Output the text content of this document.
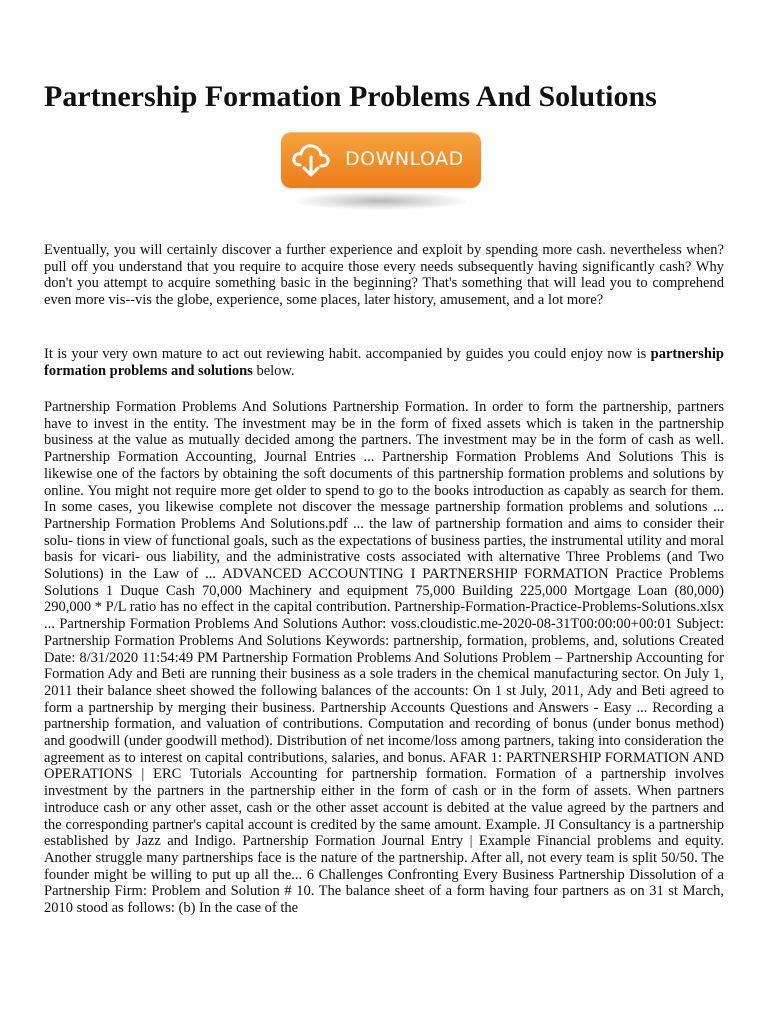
Partnership Formation Problems And Solutions
DOWNLOAD

Eventually, you will certainly discover a further experience and exploit by spending more cash. nevertheless when? pull off you understand that you require to acquire those every needs subsequently having significantly cash? Why don't you attempt to acquire something basic in the beginning? That's something that will lead you to comprehend even more vis--vis the globe, experience, some places, later history, amusement, and a lot more?

It is your very own mature to act out reviewing habit. accompanied by guides you could enjoy now is partnership formation problems and solutions below.

Partnership Formation Problems And Solutions Partnership Formation. In order to form the partnership, partners have to invest in the entity. The investment may be in the form of fixed assets which is taken in the partnership business at the value as mutually decided among the partners. The investment may be in the form of cash as well. Partnership Formation Accounting, Journal Entries ... Partnership Formation Problems And Solutions This is likewise one of the factors by obtaining the soft documents of this partnership formation problems and solutions by online. You might not require more get older to spend to go to the books introduction as capably as search for them. In some cases, you likewise complete not discover the message partnership formation problems and solutions ... Partnership Formation Problems And Solutions.pdf ... the law of partnership formation and aims to consider their solu- tions in view of functional goals, such as the expectations of business parties, the instrumental utility and moral basis for vicari- ous liability, and the administrative costs associated with alternative Three Problems (and Two Solutions) in the Law of ... ADVANCED ACCOUNTING I PARTNERSHIP FORMATION Practice Problems Solutions 1 Duque Cash 70,000 Machinery and equipment 75,000 Building 225,000 Mortgage Loan (80,000) 290,000 * P/L ratio has no effect in the capital contribution. Partnership-Formation-Practice-Problems-Solutions.xlsx ... Partnership Formation Problems And Solutions Author: voss.cloudistic.me-2020-08-31T00:00:00+00:01 Subject: Partnership Formation Problems And Solutions Keywords: partnership, formation, problems, and, solutions Created Date: 8/31/2020 11:54:49 PM Partnership Formation Problems And Solutions Problem – Partnership Accounting for Formation Ady and Beti are running their business as a sole traders in the chemical manufacturing sector. On July 1, 2011 their balance sheet showed the following balances of the accounts: On 1 st July, 2011, Ady and Beti agreed to form a partnership by merging their business. Partnership Accounts Questions and Answers - Easy ... Recording a partnership formation, and valuation of contributions. Computation and recording of bonus (under bonus method) and goodwill (under goodwill method). Distribution of net income/loss among partners, taking into consideration the agreement as to interest on capital contributions, salaries, and bonus. AFAR 1: PARTNERSHIP FORMATION AND OPERATIONS | ERC Tutorials Accounting for partnership formation. Formation of a partnership involves investment by the partners in the partnership either in the form of cash or in the form of assets. When partners introduce cash or any other asset, cash or the other asset account is debited at the value agreed by the partners and the corresponding partner's capital account is credited by the same amount. Example. JI Consultancy is a partnership established by Jazz and Indigo. Partnership Formation Journal Entry | Example Financial problems and equity. Another struggle many partnerships face is the nature of the partnership. After all, not every team is split 50/50. The founder might be willing to put up all the... 6 Challenges Confronting Every Business Partnership Dissolution of a Partnership Firm: Problem and Solution # 10. The balance sheet of a form having four partners as on 31 st March, 2010 stood as follows: (b) In the case of the
